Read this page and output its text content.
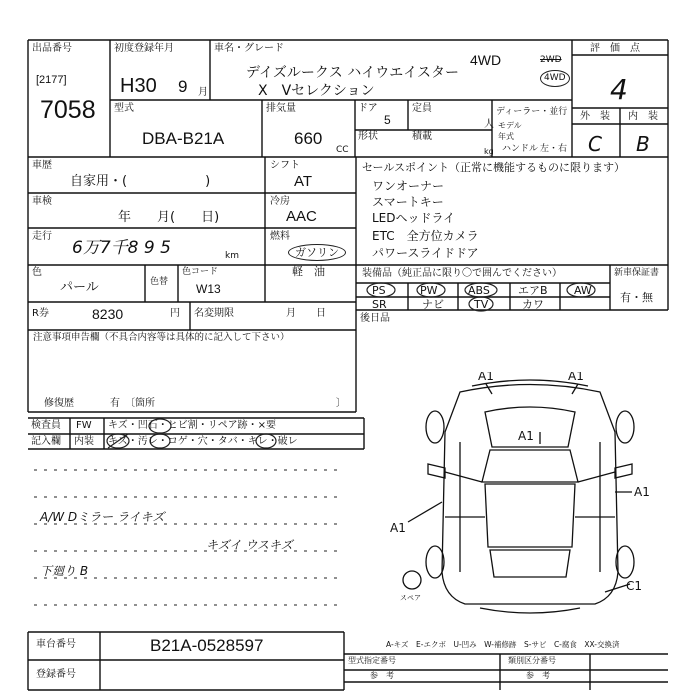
出品番号
[2177]
7058
初度登録年月
H30 9 月
車名・グレード
4WD	2WD
4WD
デイズルークス ハイウエイスター
X　Vセレクション
評　価　点
4
型式
DBA-B21A
排気量
660
CC
ドア
5
定員
人
形状	積載
kg
ディーラー・並行
モデル
年式
ハンドル 左・右
外　装 内　装
C B
車歴
自家用・(　　　　　　)
車検
年　　月(　　日)
走行
6万7千8 9 5	km
色
パール	色替
色コード
W13
シフト
AT
冷房
AAC
燃料
ガソリン
軽　油
セールスポイント（正常に機能するものに限ります）
ワンオーナー
スマートキー
LEDヘッドライ
ETC　全方位カメラ
パワースライドドア
装備品（純正品に限り〇で囲んでください）
PS	PW	ABS	エアB AW
SR	ナビ	TV	カワ
新車保証書
有・無
R券	8230	円 名変期限	月　　日	後日品
注意事項申告欄（不具合内容等は具体的に記入して下さい）
修復歴	有　〔箇所	〕
検査員 FW キズ・凹石・ヒビ割・リペア跡・×要
記入欄 内装 キズ・汚レ・コゲ・穴・タバ・キレ・破レ
A/W Dミラー ライキズ
キズイ ウスキズ
下廻り B
A1	A1
A1
A1
A1
C1
スペア
車台番号	B21A-0528597
登録番号
A-キズ　E-エクボ　U-凹み　W-補修跡　S-サビ　C-腐食　XX-交換済
型式指定番号
参　考
類別区分番号
参　考
